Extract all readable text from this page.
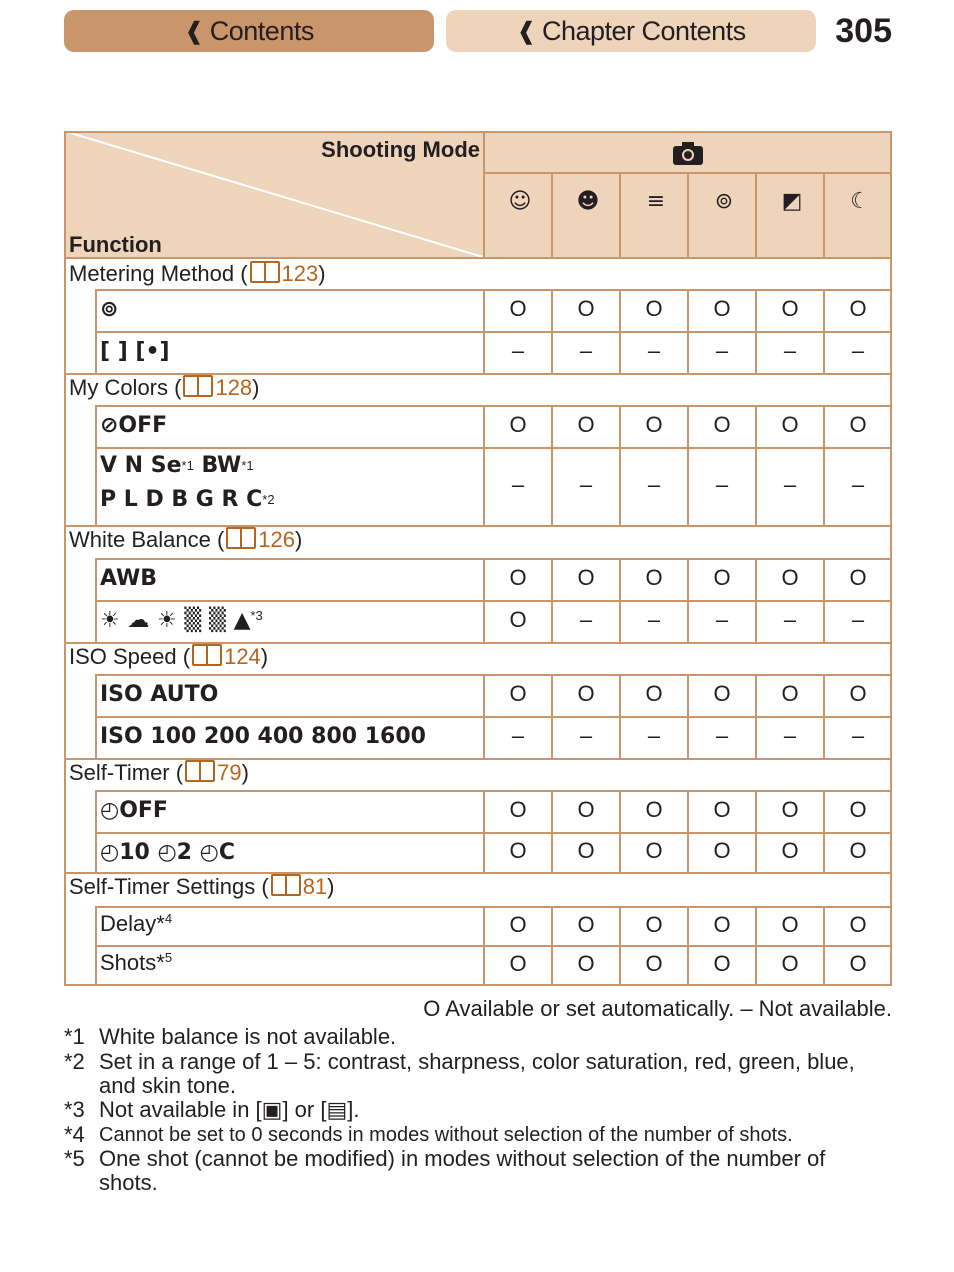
❰ Contents	❰ Chapter Contents	305
Shooting Mode
Function
☺	☻	≡	⊚	◩	☾
Metering Method ( 123)
⊚	O	O	O	O	O	O
[ ] [•]	–	–	–	–	–	–
My Colors ( 128)
⊘OFF	O	O	O	O	O	O
V N Se$^{*1}$ BW$^{*1}$
P L D B G R $C^{*2}$
–	–	–	–	–	–
White Balance ( 126)
AWB	O	O	O	O	O	O
☀ ☁ ☀ ▒ ▒ ▲$^{*3}$	O	–	–	–	–	–
ISO Speed ( 124)
ISO AUTO	O	O	O	O	O	O
ISO 100 200 400 800 1600	–	–	–	–	–	–
Self-Timer ( 79)
◴OFF	O	O	O	O	O	O
◴10 ◴2 ◴C	O	O	O	O	O	O
Self-Timer Settings ( 81)
Delay*$^4$	O	O	O	O	O	O
Shots*$^5$	O	O	O	O	O	O
O Available or set automatically. – Not available.
*1 White balance is not available.
*2 Set in a range of 1 – 5: contrast, sharpness, color saturation, red, green, blue, and skin tone.
*3 Not available in [▣] or [▤].
*4 Cannot be set to 0 seconds in modes without selection of the number of shots.
*5 One shot (cannot be modified) in modes without selection of the number of shots.
